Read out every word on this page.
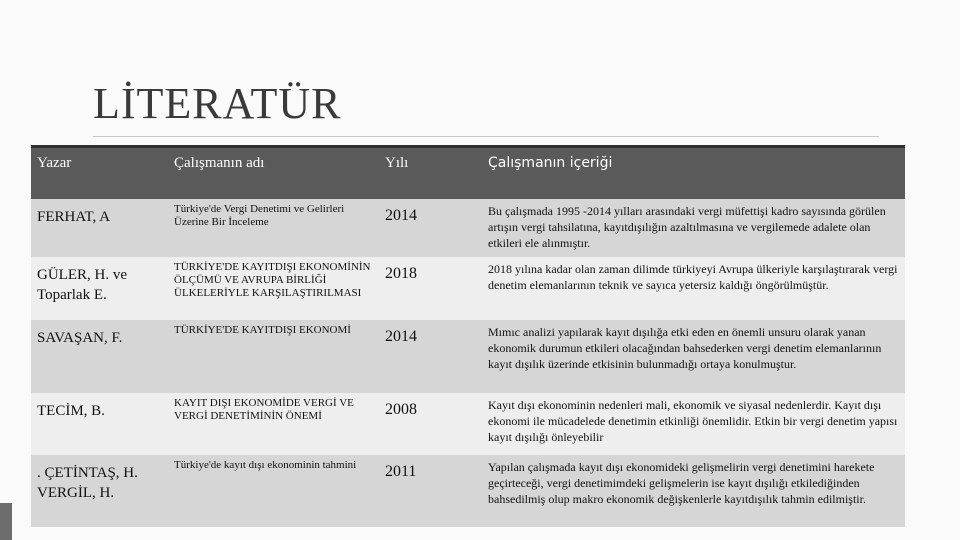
LİTERATÜR
Yazar	Çalışmanın adı	Yılı	Çalışmanın içeriği
FERHAT, A	Türkiye'de Vergi Denetimi ve Gelirleri Üzerine Bir İnceleme	2014	Bu çalışmada 1995 -2014 yılları arasındaki vergi müfettişi kadro sayısında görülen artışın vergi tahsilatına, kayıtdışılığın azaltılmasına ve vergilemede adalete olan etkileri ele alınmıştır.
GÜLER, H. ve Toparlak E.	TÜRKİYE'DE KAYITDIŞI EKONOMİNİN ÖLÇÜMÜ VE AVRUPA BİRLİĞİ ÜLKELERİYLE KARŞILAŞTIRILMASI	2018	2018 yılına kadar olan zaman dilimde türkiyeyi Avrupa ülkeriyle karşılaştırarak vergi denetim elemanlarının teknik ve sayıca yetersiz kaldığı öngörülmüştür.
SAVAŞAN, F.	TÜRKİYE'DE KAYITDIŞI EKONOMİ	2014	Mımıc analizi yapılarak kayıt dışılığa etki eden en önemli unsuru olarak yanan ekonomik durumun etkileri olacağından bahsederken vergi denetim elemanlarının kayıt dışılık üzerinde etkisinin bulunmadığı ortaya konulmuştur.
TECİM, B.	KAYIT DIŞI EKONOMİDE VERGİ VE VERGİ DENETİMİNİN ÖNEMİ	2008	Kayıt dışı ekonominin nedenleri mali, ekonomik ve siyasal nedenlerdir. Kayıt dışı ekonomi ile mücadelede denetimin etkinliği önemlidir. Etkin bir vergi denetim yapısı kayıt dışılığı önleyebilir
. ÇETİNTAŞ, H. VERGİL, H.	Türkiye'de kayıt dışı ekonominin tahmini	2011	Yapılan çalışmada kayıt dışı ekonomideki gelişmelirin vergi denetimini harekete geçirteceği, vergi denetimimdeki gelişmelerin ise kayıt dışılığı etkilediğinden bahsedilmiş olup makro ekonomik değişkenlerle kayıtdışılık tahmin edilmiştir.
